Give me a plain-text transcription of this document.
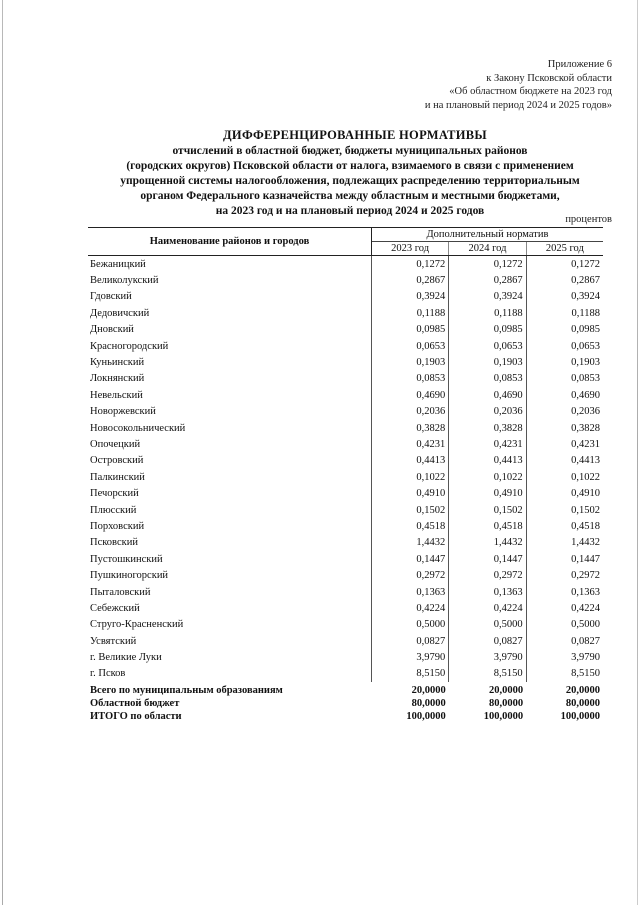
Приложение 6
к Закону Псковской области
«Об областном бюджете на 2023 год
и на плановый период 2024 и 2025 годов»
ДИФФЕРЕНЦИРОВАННЫЕ НОРМАТИВЫ
отчислений в областной бюджет, бюджеты муниципальных районов
(городских округов) Псковской области от налога, взимаемого в связи с применением
упрощенной системы налогообложения, подлежащих распределению территориальным
органом Федерального казначейства между областным и местными бюджетами,
на 2023 год и на плановый период 2024 и 2025 годов
процентов
Наименование районов и городов	Дополнительный норматив		
	2023 год	2024 год	2025 год
Бежаницкий	0,1272	0,1272	0,1272
Великолукский	0,2867	0,2867	0,2867
Гдовский	0,3924	0,3924	0,3924
Дедовичский	0,1188	0,1188	0,1188
Дновский	0,0985	0,0985	0,0985
Красногородский	0,0653	0,0653	0,0653
Куньинский	0,1903	0,1903	0,1903
Локнянский	0,0853	0,0853	0,0853
Невельский	0,4690	0,4690	0,4690
Новоржевский	0,2036	0,2036	0,2036
Новосокольнический	0,3828	0,3828	0,3828
Опочецкий	0,4231	0,4231	0,4231
Островский	0,4413	0,4413	0,4413
Палкинский	0,1022	0,1022	0,1022
Печорский	0,4910	0,4910	0,4910
Плюсский	0,1502	0,1502	0,1502
Порховский	0,4518	0,4518	0,4518
Псковский	1,4432	1,4432	1,4432
Пустошкинский	0,1447	0,1447	0,1447
Пушкиногорский	0,2972	0,2972	0,2972
Пыталовский	0,1363	0,1363	0,1363
Себежский	0,4224	0,4224	0,4224
Струго-Красненский	0,5000	0,5000	0,5000
Усвятский	0,0827	0,0827	0,0827
г. Великие Луки	3,9790	3,9790	3,9790
г. Псков	8,5150	8,5150	8,5150
Всего по муниципальным образованиям	20,0000	20,0000	20,0000
Областной бюджет	80,0000	80,0000	80,0000
ИТОГО по области	100,0000	100,0000	100,0000
